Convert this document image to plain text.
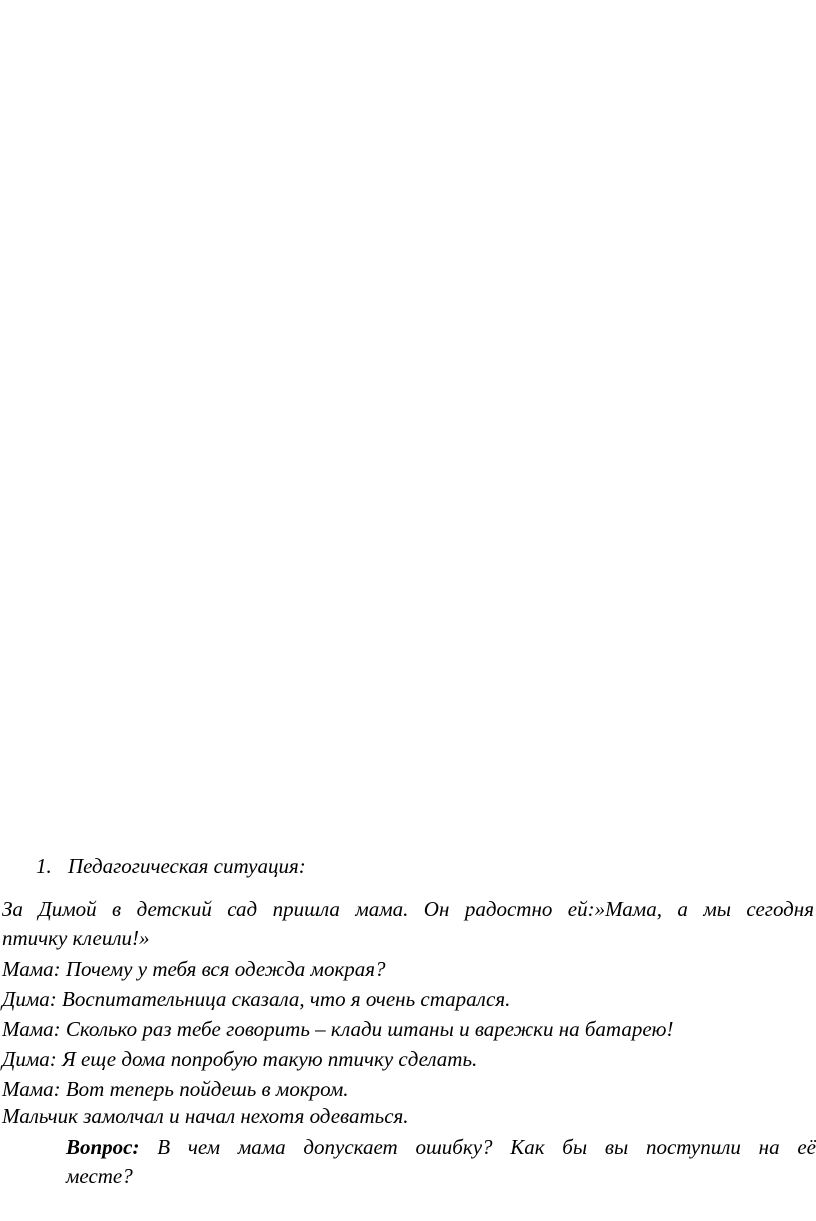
1. Педагогическая ситуация:
За Димой в детский сад пришла мама. Он радостно ей:»Мама, а мы сегодня
птичку клеили!»
Мама: Почему у тебя вся одежда мокрая?
Дима: Воспитательница сказала, что я очень старался.
Мама: Сколько раз тебе говорить – клади штаны и варежки на батарею!
Дима: Я еще дома попробую такую птичку сделать.
Мама: Вот теперь пойдешь в мокром.
Мальчик замолчал и начал нехотя одеваться.
Вопрос: В чем мама допускает ошибку? Как бы вы поступили на её
месте?
